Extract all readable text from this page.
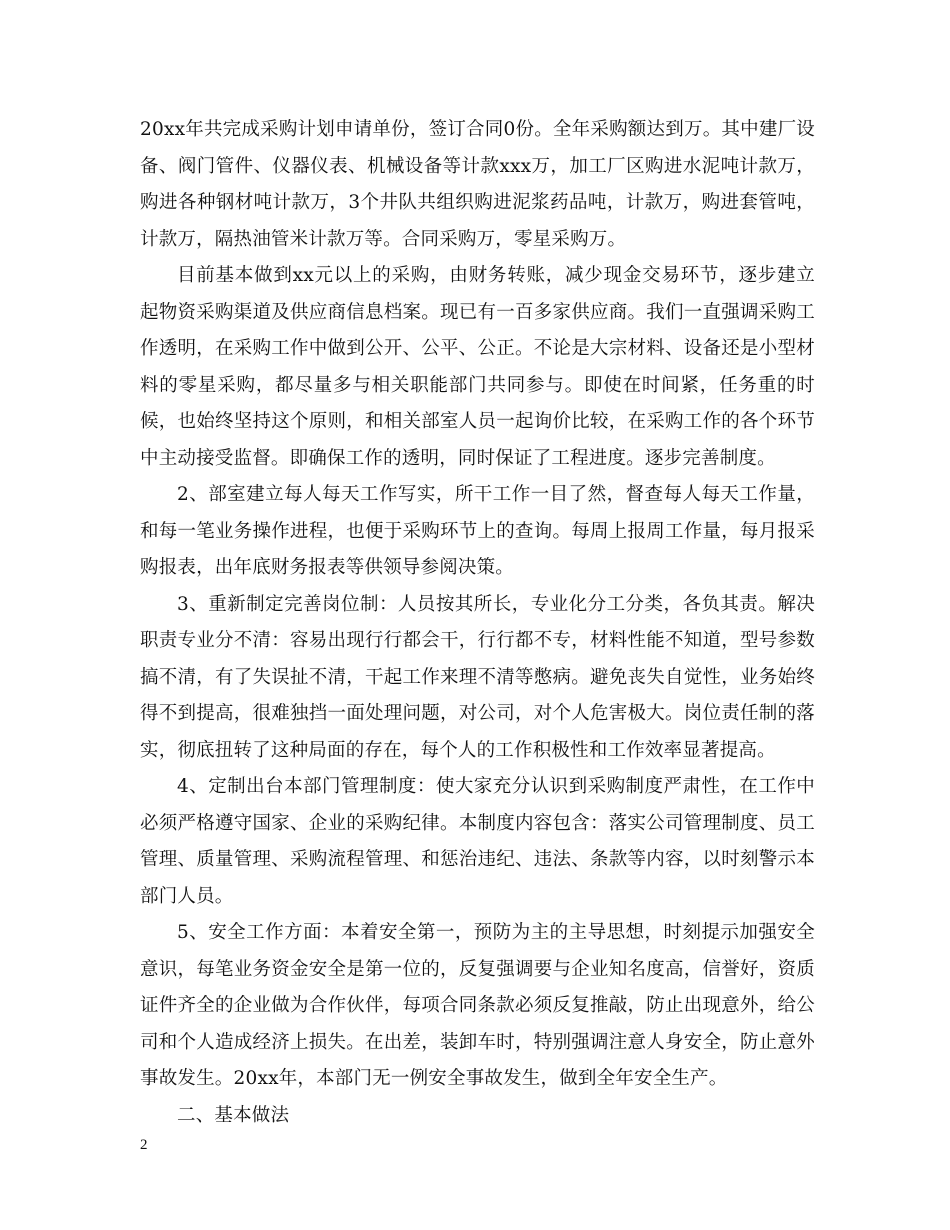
20xx年共完成采购计划申请单份，签订合同0份。全年采购额达到万。其中建厂设备、阀门管件、仪器仪表、机械设备等计款xxx万，加工厂区购进水泥吨计款万，购进各种钢材吨计款万，3个井队共组织购进泥浆药品吨，计款万，购进套管吨，计款万，隔热油管米计款万等。合同采购万，零星采购万。

目前基本做到xx元以上的采购，由财务转账，减少现金交易环节，逐步建立起物资采购渠道及供应商信息档案。现已有一百多家供应商。我们一直强调采购工作透明，在采购工作中做到公开、公平、公正。不论是大宗材料、设备还是小型材料的零星采购，都尽量多与相关职能部门共同参与。即使在时间紧，任务重的时候，也始终坚持这个原则，和相关部室人员一起询价比较，在采购工作的各个环节中主动接受监督。即确保工作的透明，同时保证了工程进度。逐步完善制度。

2、部室建立每人每天工作写实，所干工作一目了然，督查每人每天工作量，和每一笔业务操作进程，也便于采购环节上的查询。每周上报周工作量，每月报采购报表，出年底财务报表等供领导参阅决策。

3、重新制定完善岗位制：人员按其所长，专业化分工分类，各负其责。解决职责专业分不清：容易出现行行都会干，行行都不专，材料性能不知道，型号参数搞不清，有了失误扯不清，干起工作来理不清等憋病。避免丧失自觉性，业务始终得不到提高，很难独挡一面处理问题，对公司，对个人危害极大。岗位责任制的落实，彻底扭转了这种局面的存在，每个人的工作积极性和工作效率显著提高。

4、定制出台本部门管理制度：使大家充分认识到采购制度严肃性，在工作中必须严格遵守国家、企业的采购纪律。本制度内容包含：落实公司管理制度、员工管理、质量管理、采购流程管理、和惩治违纪、违法、条款等内容，以时刻警示本部门人员。

5、安全工作方面：本着安全第一，预防为主的主导思想，时刻提示加强安全意识，每笔业务资金安全是第一位的，反复强调要与企业知名度高，信誉好，资质证件齐全的企业做为合作伙伴，每项合同条款必须反复推敲，防止出现意外，给公司和个人造成经济上损失。在出差，装卸车时，特别强调注意人身安全，防止意外事故发生。20xx年，本部门无一例安全事故发生，做到全年安全生产。

二、基本做法

2
